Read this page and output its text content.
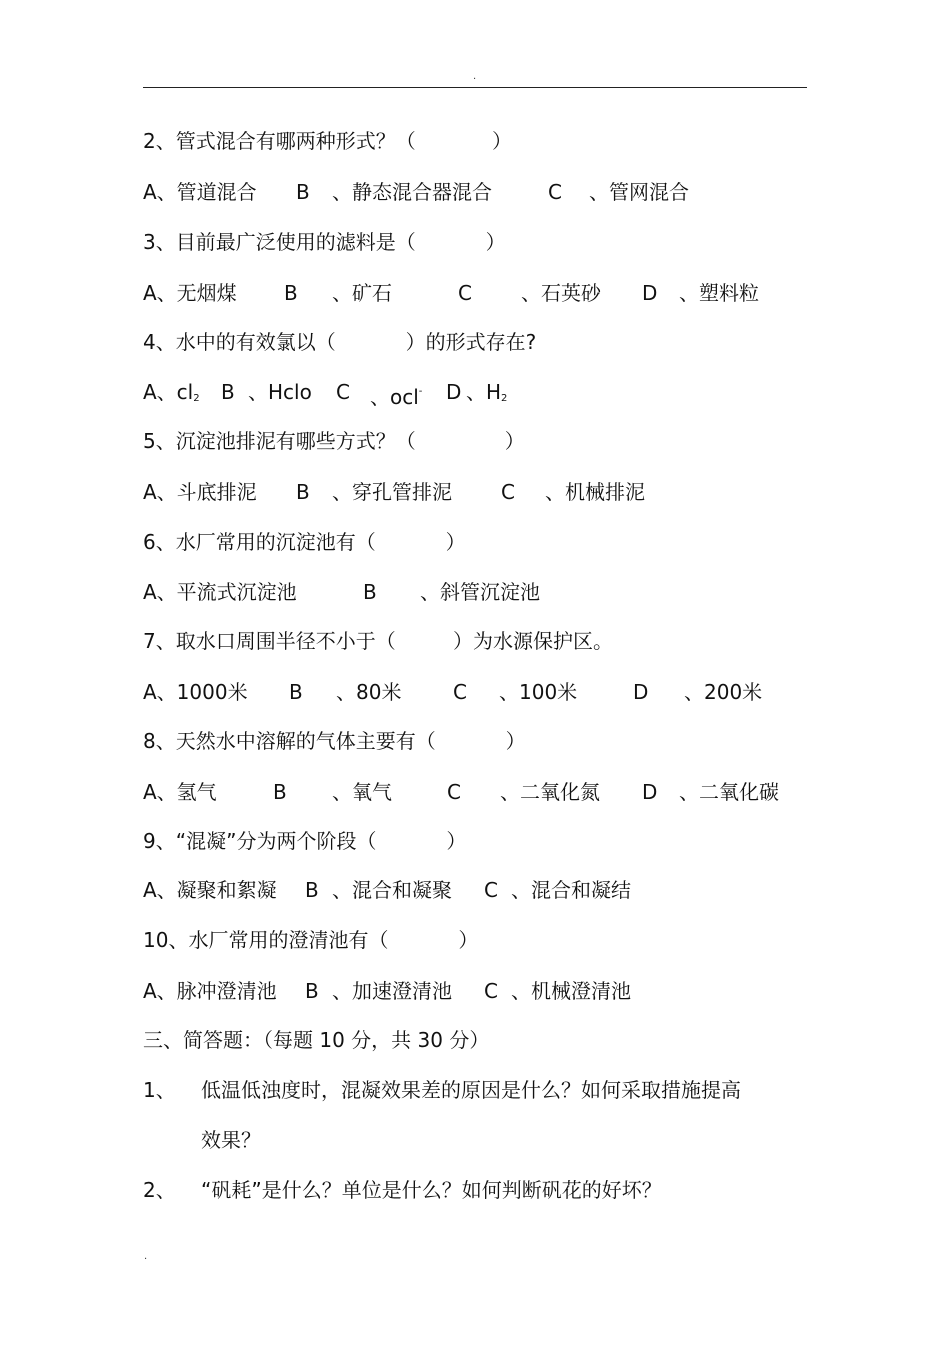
.
2、管式混合有哪两种形式？（            ）
A、管道混合 B 、静态混合器混合	C 、管网混合
3、目前最广泛使用的滤料是（           ）
A、无烟煤 B 、矿石	C 、石英砂 D 、塑料粒
4、水中的有效氯以（           ）的形式存在?
A、$cl_2$ B 、Hclo C 、ocl- D 、$H_2$
5、沉淀池排泥有哪些方式？（              ）
A、斗底排泥 B 、穿孔管排泥 C 、机械排泥
6、水厂常用的沉淀池有（           ）
A、平流式沉淀池	B 、斜管沉淀池
7、取水口周围半径不小于（         ）为水源保护区。
A、1000米 B 、80米	C 、100米	D 、200米
8、天然水中溶解的气体主要有（           ）
A、氢气	B 、氧气	C 、二氧化氮 D 、二氧化碳
9、“混凝”分为两个阶段（           ）
A、凝聚和絮凝 B 、混合和凝聚 C 、混合和凝结
10、水厂常用的澄清池有（           ）
A、脉冲澄清池 B 、加速澄清池 C 、机械澄清池
三、简答题：（每题 10 分，共 30 分）
1、 低温低浊度时，混凝效果差的原因是什么？如何采取措施提高
效果？
2、 “矾耗”是什么？单位是什么？如何判断矾花的好坏？
.
